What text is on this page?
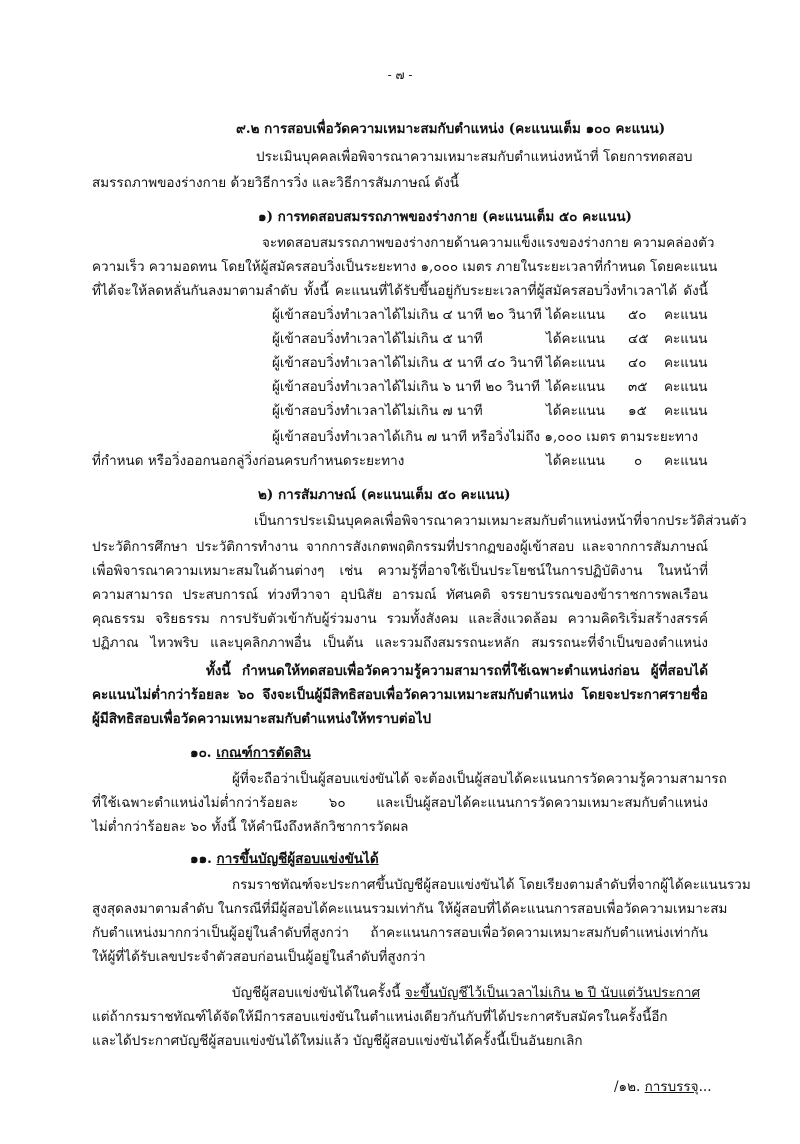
- ๗ -
๙.๒ การสอบเพื่อวัดความเหมาะสมกับตำแหน่ง (คะแนนเต็ม ๑๐๐ คะแนน)
ประเมินบุคคลเพื่อพิจารณาความเหมาะสมกับตำแหน่งหน้าที่ โดยการทดสอบ
สมรรถภาพของร่างกาย ด้วยวิธีการวิ่ง และวิธีการสัมภาษณ์ ดังนี้
๑) การทดสอบสมรรถภาพของร่างกาย (คะแนนเต็ม ๕๐ คะแนน)
จะทดสอบสมรรถภาพของร่างกายด้านความแข็งแรงของร่างกาย ความคล่องตัว
ความเร็ว ความอดทน โดยให้ผู้สมัครสอบวิ่งเป็นระยะทาง ๑,๐๐๐ เมตร ภายในระยะเวลาที่กำหนด โดยคะแนน
ที่ได้จะให้ลดหลั่นกันลงมาตามลำดับ ทั้งนี้ คะแนนที่ได้รับขึ้นอยู่กับระยะเวลาที่ผู้สมัครสอบวิ่งทำเวลาได้ ดังนี้
ผู้เข้าสอบวิ่งทำเวลาได้ไม่เกิน ๔ นาที ๒๐ วินาที ได้คะแนน ๕๐ คะแนน
ผู้เข้าสอบวิ่งทำเวลาได้ไม่เกิน ๕ นาที	ได้คะแนน ๔๕ คะแนน
ผู้เข้าสอบวิ่งทำเวลาได้ไม่เกิน ๕ นาที ๔๐ วินาที ได้คะแนน ๔๐ คะแนน
ผู้เข้าสอบวิ่งทำเวลาได้ไม่เกิน ๖ นาที ๒๐ วินาที ได้คะแนน ๓๕ คะแนน
ผู้เข้าสอบวิ่งทำเวลาได้ไม่เกิน ๗ นาที	ได้คะแนน ๑๕ คะแนน
ผู้เข้าสอบวิ่งทำเวลาได้เกิน ๗ นาที หรือวิ่งไม่ถึง ๑,๐๐๐ เมตร ตามระยะทาง
ที่กำหนด หรือวิ่งออกนอกลู่วิ่งก่อนครบกำหนดระยะทาง	ได้คะแนน ๐ คะแนน
๒) การสัมภาษณ์ (คะแนนเต็ม ๕๐ คะแนน)
เป็นการประเมินบุคคลเพื่อพิจารณาความเหมาะสมกับตำแหน่งหน้าที่จากประวัติส่วนตัว
ประวัติการศึกษา ประวัติการทำงาน จากการสังเกตพฤติกรรมที่ปรากฏของผู้เข้าสอบ และจากการสัมภาษณ์
เพื่อพิจารณาความเหมาะสมในด้านต่างๆ เช่น ความรู้ที่อาจใช้เป็นประโยชน์ในการปฏิบัติงาน ในหน้าที่
ความสามารถ ประสบการณ์ ท่วงทีวาจา อุปนิสัย อารมณ์ ทัศนคติ จรรยาบรรณของข้าราชการพลเรือน
คุณธรรม จริยธรรม การปรับตัวเข้ากับผู้ร่วมงาน รวมทั้งสังคม และสิ่งแวดล้อม ความคิดริเริ่มสร้างสรรค์
ปฏิภาณ ไหวพริบ และบุคลิกภาพอื่น เป็นต้น และรวมถึงสมรรถนะหลัก สมรรถนะที่จำเป็นของตำแหน่ง
ทั้งนี้ กำหนดให้ทดสอบเพื่อวัดความรู้ความสามารถที่ใช้เฉพาะตำแหน่งก่อน ผู้ที่สอบได้
คะแนนไม่ต่ำกว่าร้อยละ ๖๐ จึงจะเป็นผู้มีสิทธิสอบเพื่อวัดความเหมาะสมกับตำแหน่ง โดยจะประกาศรายชื่อ
ผู้มีสิทธิสอบเพื่อวัดความเหมาะสมกับตำแหน่งให้ทราบต่อไป
๑๐. เกณฑ์การตัดสิน
ผู้ที่จะถือว่าเป็นผู้สอบแข่งขันได้ จะต้องเป็นผู้สอบได้คะแนนการวัดความรู้ความสามารถ
ที่ใช้เฉพาะตำแหน่งไม่ต่ำกว่าร้อยละ ๖๐ และเป็นผู้สอบได้คะแนนการวัดความเหมาะสมกับตำแหน่ง
ไม่ต่ำกว่าร้อยละ ๖๐ ทั้งนี้ ให้คำนึงถึงหลักวิชาการวัดผล
๑๑. การขึ้นบัญชีผู้สอบแข่งขันได้
กรมราชทัณฑ์จะประกาศขึ้นบัญชีผู้สอบแข่งขันได้ โดยเรียงตามลำดับที่จากผู้ได้คะแนนรวม
สูงสุดลงมาตามลำดับ ในกรณีที่มีผู้สอบได้คะแนนรวมเท่ากัน ให้ผู้สอบที่ได้คะแนนการสอบเพื่อวัดความเหมาะสม
กับตำแหน่งมากกว่าเป็นผู้อยู่ในลำดับที่สูงกว่า ถ้าคะแนนการสอบเพื่อวัดความเหมาะสมกับตำแหน่งเท่ากัน
ให้ผู้ที่ได้รับเลขประจำตัวสอบก่อนเป็นผู้อยู่ในลำดับที่สูงกว่า
บัญชีผู้สอบแข่งขันได้ในครั้งนี้ จะขึ้นบัญชีไว้เป็นเวลาไม่เกิน ๒ ปี นับแต่วันประกาศ
แต่ถ้ากรมราชทัณฑ์ได้จัดให้มีการสอบแข่งขันในตำแหน่งเดียวกันกับที่ได้ประกาศรับสมัครในครั้งนี้อีก
และได้ประกาศบัญชีผู้สอบแข่งขันได้ใหม่แล้ว บัญชีผู้สอบแข่งขันได้ครั้งนี้เป็นอันยกเลิก
/๑๒. การบรรจุ...
